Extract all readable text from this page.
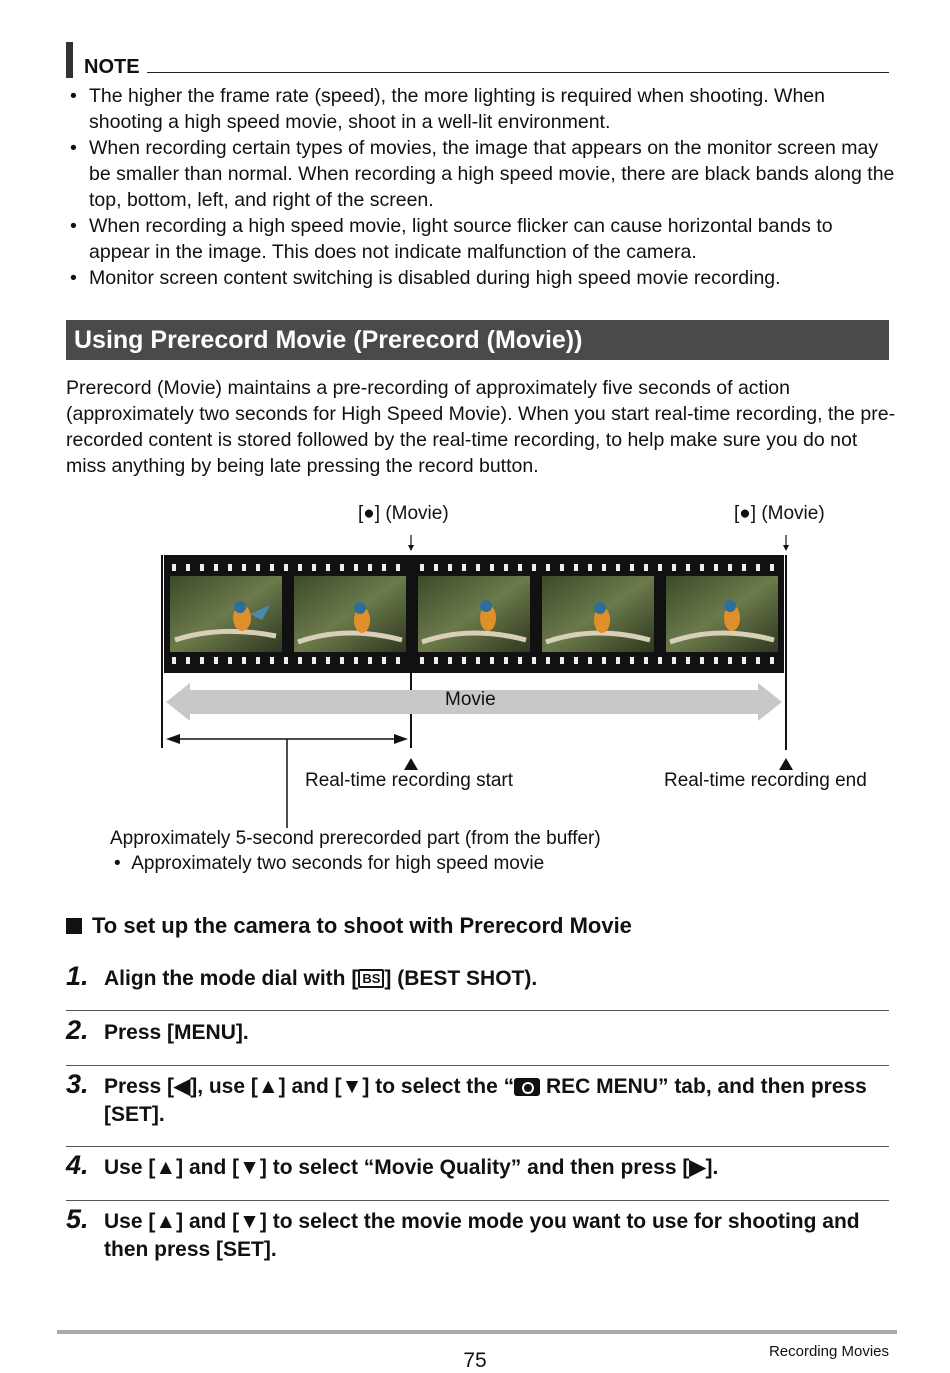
NOTE
• The higher the frame rate (speed), the more lighting is required when shooting. When shooting a high speed movie, shoot in a well-lit environment.
• When recording certain types of movies, the image that appears on the monitor screen may be smaller than normal. When recording a high speed movie, there are black bands along the top, bottom, left, and right of the screen.
• When recording a high speed movie, light source flicker can cause horizontal bands to appear in the image. This does not indicate malfunction of the camera.
• Monitor screen content switching is disabled during high speed movie recording.
Using Prerecord Movie (Prerecord (Movie))
Prerecord (Movie) maintains a pre-recording of approximately five seconds of action (approximately two seconds for High Speed Movie). When you start real-time recording, the pre-recorded content is stored followed by the real-time recording, to help make sure you do not miss anything by being late pressing the record button.
[●] (Movie)	[●] (Movie)
Movie
Real-time recording start	Real-time recording end
Approximately 5-second prerecorded part (from the buffer)
•  Approximately two seconds for high speed movie
To set up the camera to shoot with Prerecord Movie
1. Align the mode dial with [ BS ] (BEST SHOT).
2. Press [MENU].
3. Press [◀], use [▲] and [▼] to select the “ REC MENU” tab, and then press [SET].
4. Use [▲] and [▼] to select “Movie Quality” and then press [▶].
5. Use [▲] and [▼] to select the movie mode you want to use for shooting and then press [SET].
75	Recording Movies
